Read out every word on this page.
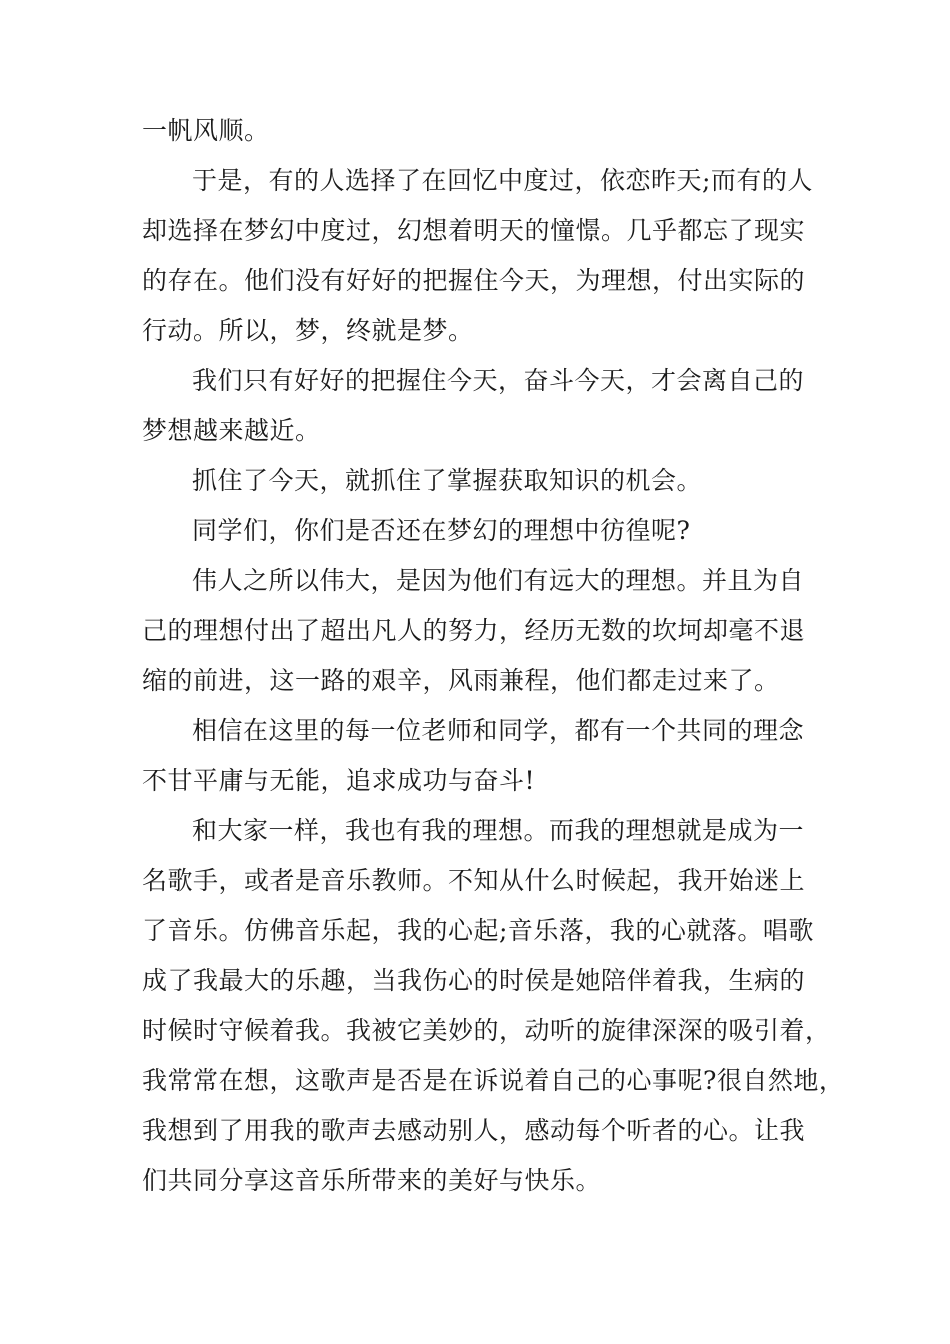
一帆风顺。
于是，有的人选择了在回忆中度过，依恋昨天;而有的人
却选择在梦幻中度过，幻想着明天的憧憬。几乎都忘了现实
的存在。他们没有好好的把握住今天，为理想，付出实际的
行动。所以，梦，终就是梦。
我们只有好好的把握住今天，奋斗今天，才会离自己的
梦想越来越近。
抓住了今天，就抓住了掌握获取知识的机会。
同学们，你们是否还在梦幻的理想中彷徨呢?
伟人之所以伟大，是因为他们有远大的理想。并且为自
己的理想付出了超出凡人的努力，经历无数的坎坷却毫不退
缩的前进，这一路的艰辛，风雨兼程，他们都走过来了。
相信在这里的每一位老师和同学，都有一个共同的理念
不甘平庸与无能，追求成功与奋斗!
和大家一样，我也有我的理想。而我的理想就是成为一
名歌手，或者是音乐教师。不知从什么时候起，我开始迷上
了音乐。仿佛音乐起，我的心起;音乐落，我的心就落。唱歌
成了我最大的乐趣，当我伤心的时侯是她陪伴着我，生病的
时候时守候着我。我被它美妙的，动听的旋律深深的吸引着，
我常常在想，这歌声是否是在诉说着自己的心事呢?很自然地，
我想到了用我的歌声去感动别人，感动每个听者的心。让我
们共同分享这音乐所带来的美好与快乐。
